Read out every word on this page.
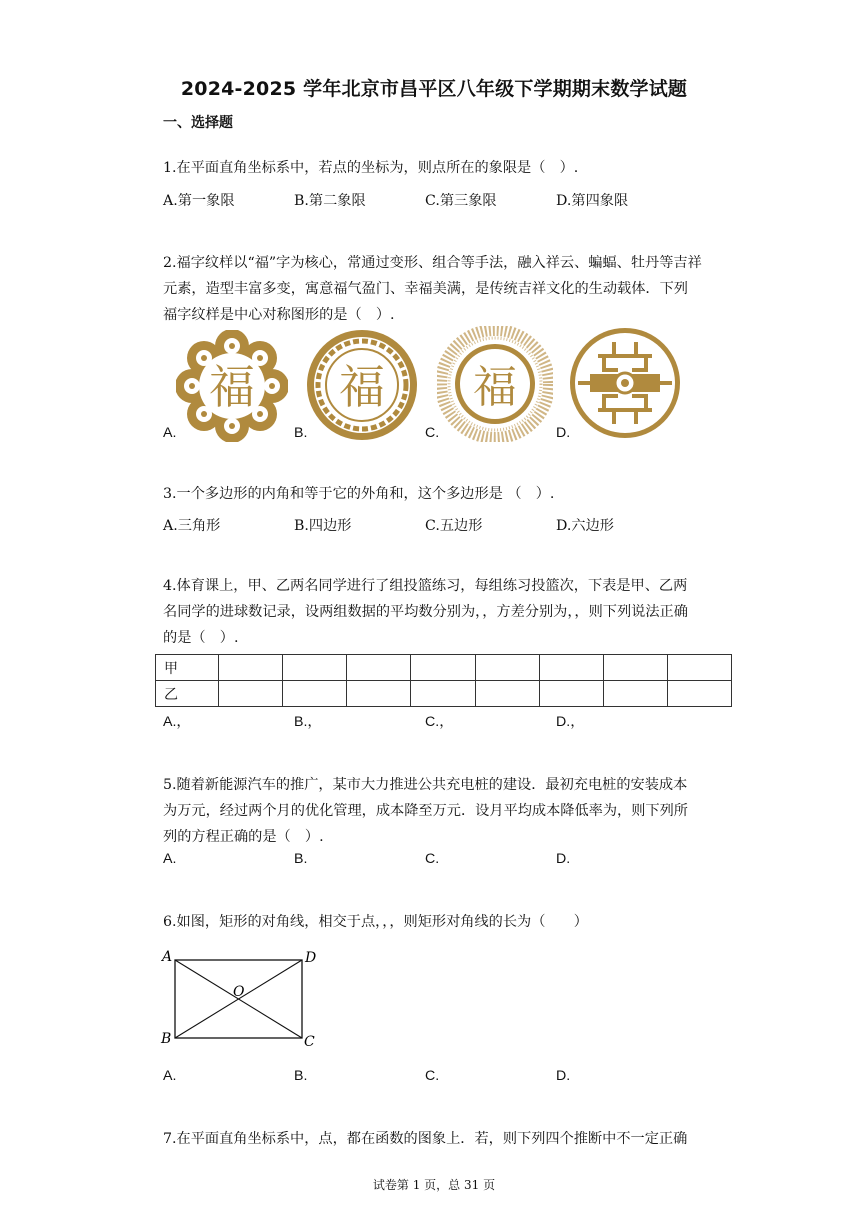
2024-2025 学年北京市昌平区八年级下学期期末数学试题
一、选择题
1.在平面直角坐标系中，若点的坐标为，则点所在的象限是（　）.
A.第一象限	B.第二象限	C.第三象限	D.第四象限
2.福字纹样以“福”字为核心，常通过变形、组合等手法，融入祥云、蝙蝠、牡丹等吉祥
元素，造型丰富多变，寓意福气盈门、幸福美满，是传统吉祥文化的生动载体．下列
福字纹样是中心对称图形的是（　）.
福
A.
福
B.
福
C.	D.
3.一个多边形的内角和等于它的外角和，这个多边形是 （　）.
A.三角形	B.四边形	C.五边形	D.六边形
4.体育课上，甲、乙两名同学进行了组投篮练习，每组练习投篮次，下表是甲、乙两
名同学的进球数记录，设两组数据的平均数分别为，，方差分别为，，则下列说法正确
的是（　）.
甲								
乙								
A.，	B.，	C.，	D.，
5.随着新能源汽车的推广，某市大力推进公共充电桩的建设．最初充电桩的安装成本
为万元，经过两个月的优化管理，成本降至万元．设月平均成本降低率为，则下列所
列的方程正确的是（　）.
A.	B.	C.	D.
6.如图，矩形的对角线，相交于点，，，则矩形对角线的长为（　　）
A	D
B	C
O
A.	B.	C.	D.
7.在平面直角坐标系中，点，都在函数的图象上．若，则下列四个推断中不一定正确
试卷第 1 页，总 31 页
